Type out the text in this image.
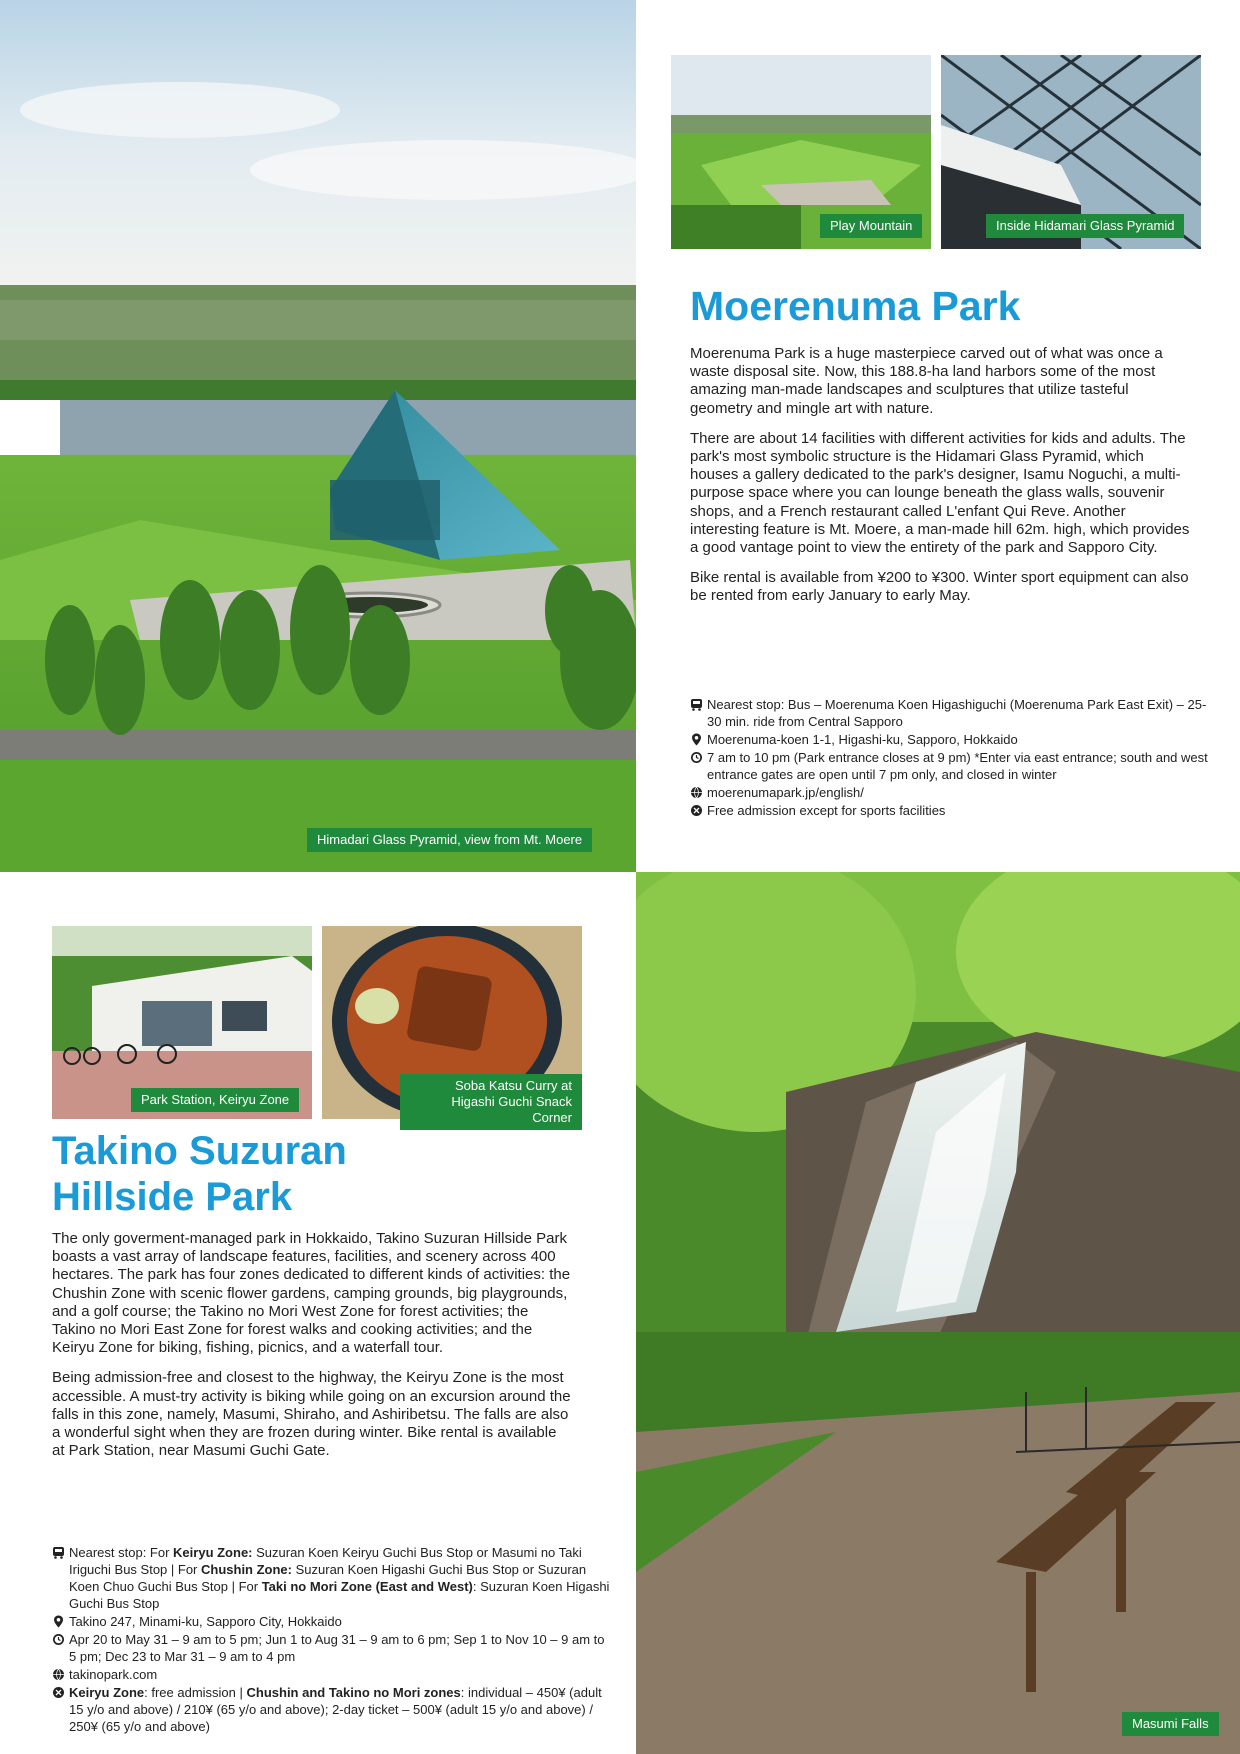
Himadari Glass Pyramid, view from Mt. Moere
Play Mountain	Inside Hidamari Glass Pyramid
Moerenuma Park

Moerenuma Park is a huge masterpiece carved out of what was once a waste disposal site. Now, this 188.8-ha land harbors some of the most amazing man-made landscapes and sculptures that utilize tasteful geometry and mingle art with nature.

There are about 14 facilities with different activities for kids and adults. The park's most symbolic structure is the Hidamari Glass Pyramid, which houses a gallery dedicated to the park's designer, Isamu Noguchi, a multi-purpose space where you can lounge beneath the glass walls, souvenir shops, and a French restaurant called L'enfant Qui Reve. Another interesting feature is Mt. Moere, a man-made hill 62m. high, which provides a good vantage point to view the entirety of the park and Sapporo City.

Bike rental is available from ¥200 to ¥300. Winter sport equipment can also be rented from early January to early May.

Nearest stop: Bus – Moerenuma Koen Higashiguchi (Moerenuma Park East Exit) – 25-30 min. ride from Central Sapporo
Moerenuma-koen 1-1, Higashi-ku, Sapporo, Hokkaido
7 am to 10 pm (Park entrance closes at 9 pm) *Enter via east entrance; south and west entrance gates are open until 7 pm only, and closed in winter
moerenumapark.jp/english/
Free admission except for sports facilities
Park Station, Keiryu Zone
Soba Katsu Curry at Higashi Guchi Snack Corner
Takino Suzuran
Hillside Park

The only goverment-managed park in Hokkaido, Takino Suzuran Hillside Park boasts a vast array of landscape features, facilities, and scenery across 400 hectares. The park has four zones dedicated to different kinds of activities: the Chushin Zone with scenic flower gardens, camping grounds, big playgrounds, and a golf course; the Takino no Mori West Zone for forest activities; the Takino no Mori East Zone for forest walks and cooking activities; and the Keiryu Zone for biking, fishing, picnics, and a waterfall tour.

Being admission-free and closest to the highway, the Keiryu Zone is the most accessible. A must-try activity is biking while going on an excursion around the falls in this zone, namely, Masumi, Shiraho, and Ashiribetsu. The falls are also a wonderful sight when they are frozen during winter. Bike rental is available at Park Station, near Masumi Guchi Gate.

Nearest stop: For Keiryu Zone: Suzuran Koen Keiryu Guchi Bus Stop or Masumi no Taki Iriguchi Bus Stop | For Chushin Zone: Suzuran Koen Higashi Guchi Bus Stop or Suzuran Koen Chuo Guchi Bus Stop | For Taki no Mori Zone (East and West): Suzuran Koen Higashi Guchi Bus Stop
Takino 247, Minami-ku, Sapporo City, Hokkaido
Apr 20 to May 31 – 9 am to 5 pm; Jun 1 to Aug 31 – 9 am to 6 pm; Sep 1 to Nov 10 – 9 am to 5 pm; Dec 23 to Mar 31 – 9 am to 4 pm
takinopark.com
Keiryu Zone: free admission | Chushin and Takino no Mori zones: individual – 450¥ (adult 15 y/o and above) / 210¥ (65 y/o and above); 2-day ticket – 500¥ (adult 15 y/o and above) / 250¥ (65 y/o and above)	Masumi Falls
